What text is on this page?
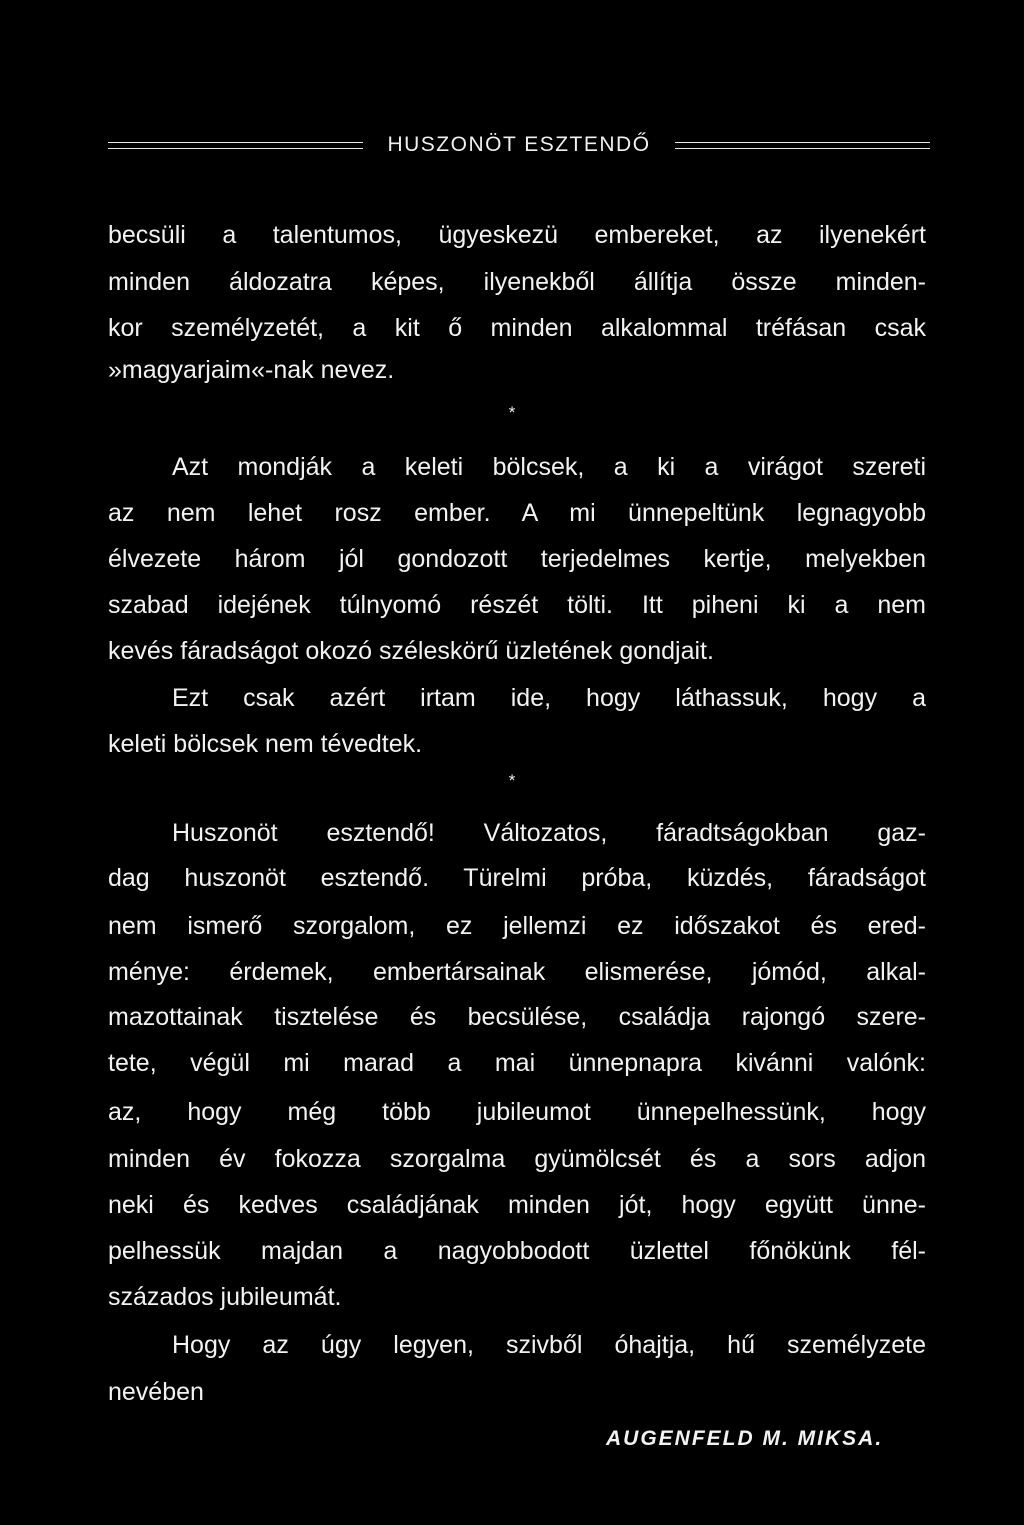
HUSZONÖT ESZTENDŐ
becsüli a talentumos, ügyeskezü embereket, az ilyenekért
minden áldozatra képes, ilyenekből állítja össze minden-
kor személyzetét, a kit ő minden alkalommal tréfásan csak
»magyarjaim«-nak nevez.
*
Azt mondják a keleti bölcsek, a ki a virágot szereti
az nem lehet rosz ember. A mi ünnepeltünk legnagyobb
élvezete három jól gondozott terjedelmes kertje, melyekben
szabad idejének túlnyomó részét tölti. Itt piheni ki a nem
kevés fáradságot okozó széleskörű üzletének gondjait.
Ezt csak azért irtam ide, hogy láthassuk, hogy a
keleti bölcsek nem tévedtek.
*
Huszonöt esztendő! Változatos, fáradtságokban gaz-
dag huszonöt esztendő. Türelmi próba, küzdés, fáradságot
nem ismerő szorgalom, ez jellemzi ez időszakot és ered-
ménye: érdemek, embertársainak elismerése, jómód, alkal-
mazottainak tisztelése és becsülése, családja rajongó szere-
tete, végül mi marad a mai ünnepnapra kivánni valónk:
az, hogy még több jubileumot ünnepelhessünk, hogy
minden év fokozza szorgalma gyümölcsét és a sors adjon
neki és kedves családjának minden jót, hogy együtt ünne-
pelhessük majdan a nagyobbodott üzlettel főnökünk fél-
százados jubileumát.
Hogy az úgy legyen, szivből óhajtja, hű személyzete
nevében
AUGENFELD M. MIKSA.
